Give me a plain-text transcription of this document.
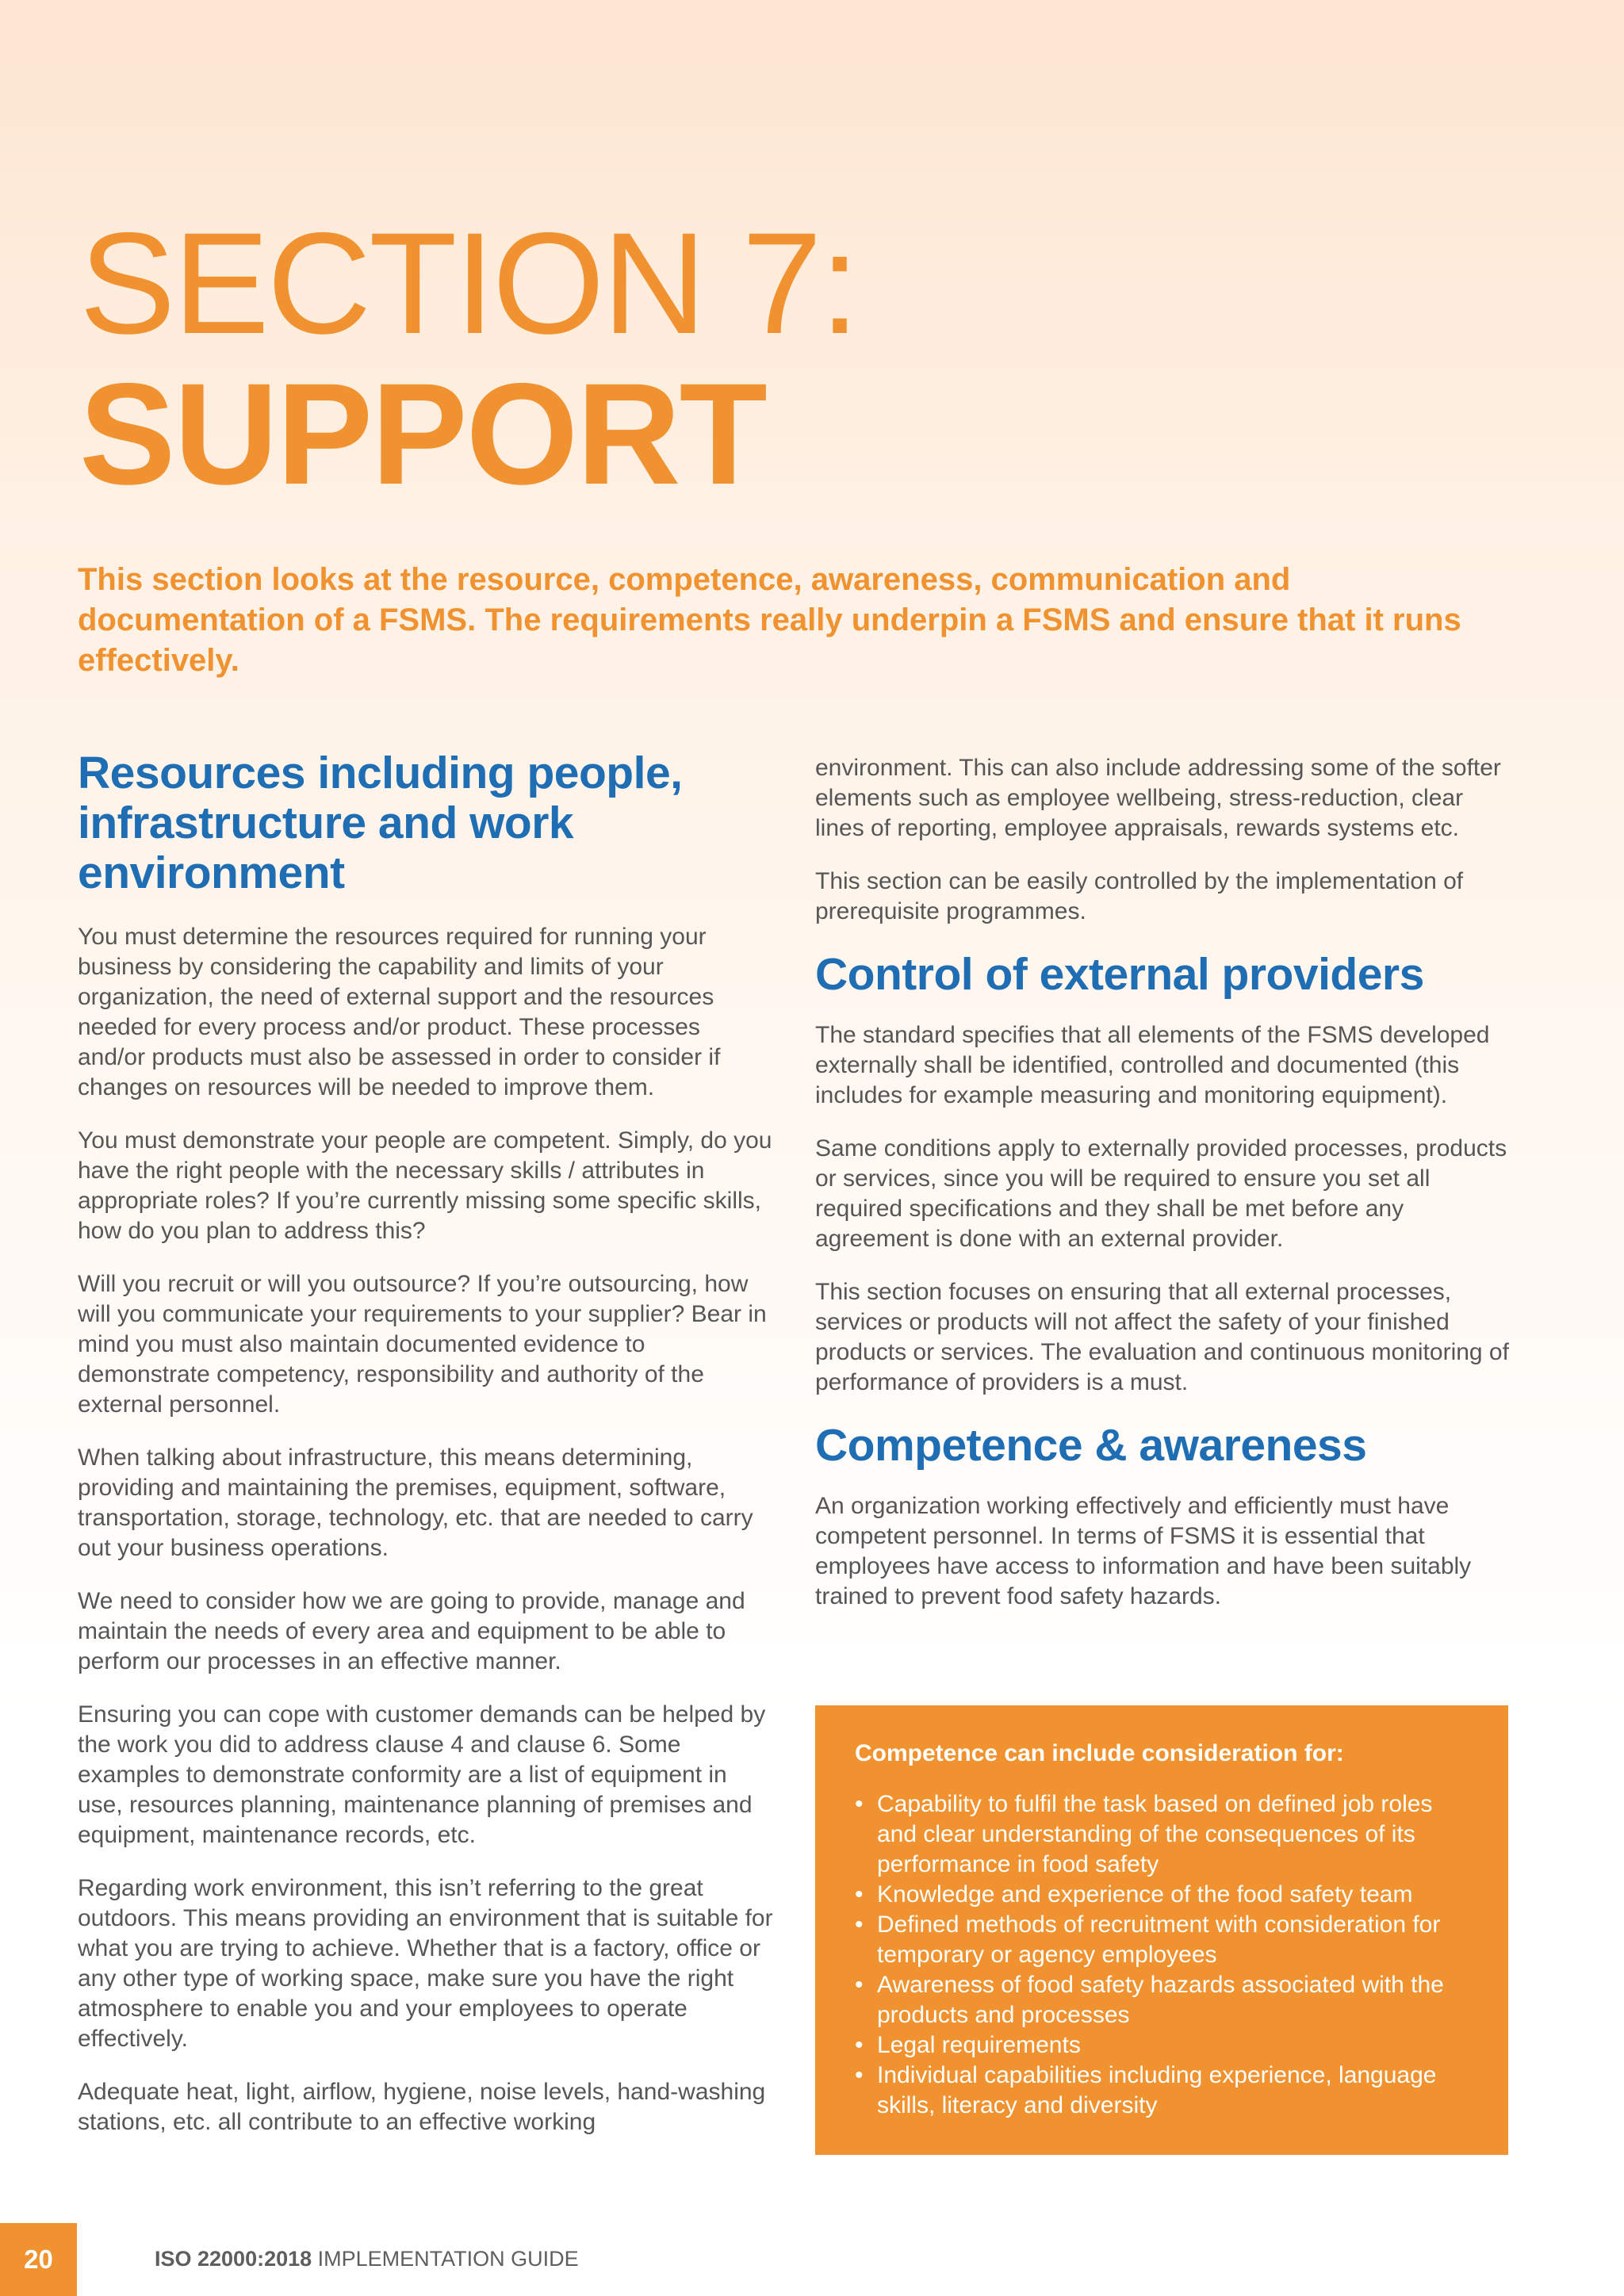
SECTION 7:
SUPPORT
This section looks at the resource, competence, awareness, communication and documentation of a FSMS. The requirements really underpin a FSMS and ensure that it runs effectively.
Resources including people, infrastructure and work environment

You must determine the resources required for running your business by considering the capability and limits of your organization, the need of external support and the resources needed for every process and/or product. These processes and/or products must also be assessed in order to consider if changes on resources will be needed to improve them.

You must demonstrate your people are competent. Simply, do you have the right people with the necessary skills / attributes in appropriate roles? If you’re currently missing some specific skills, how do you plan to address this?

Will you recruit or will you outsource? If you’re outsourcing, how will you communicate your requirements to your supplier? Bear in mind you must also maintain documented evidence to demonstrate competency, responsibility and authority of the external personnel.

When talking about infrastructure, this means determining, providing and maintaining the premises, equipment, software, transportation, storage, technology, etc. that are needed to carry out your business operations.

We need to consider how we are going to provide, manage and maintain the needs of every area and equipment to be able to perform our processes in an effective manner.

Ensuring you can cope with customer demands can be helped by the work you did to address clause 4 and clause 6. Some examples to demonstrate conformity are a list of equipment in use, resources planning, maintenance planning of premises and equipment, maintenance records, etc.

Regarding work environment, this isn’t referring to the great outdoors. This means providing an environment that is suitable for what you are trying to achieve. Whether that is a factory, office or any other type of working space, make sure you have the right atmosphere to enable you and your employees to operate effectively.

Adequate heat, light, airflow, hygiene, noise levels, hand-washing stations, etc. all contribute to an effective working

environment. This can also include addressing some of the softer elements such as employee wellbeing, stress-reduction, clear lines of reporting, employee appraisals, rewards systems etc.

This section can be easily controlled by the implementation of prerequisite programmes.

Control of external providers

The standard specifies that all elements of the FSMS developed externally shall be identified, controlled and documented (this includes for example measuring and monitoring equipment).

Same conditions apply to externally provided processes, products or services, since you will be required to ensure you set all required specifications and they shall be met before any agreement is done with an external provider.

This section focuses on ensuring that all external processes, services or products will not affect the safety of your finished products or services. The evaluation and continuous monitoring of performance of providers is a must.

Competence & awareness

An organization working effectively and efficiently must have competent personnel. In terms of FSMS it is essential that employees have access to information and have been suitably trained to prevent food safety hazards.

Competence can include consideration for:
• Capability to fulfil the task based on defined job roles and clear understanding of the consequences of its performance in food safety
• Knowledge and experience of the food safety team
• Defined methods of recruitment with consideration for temporary or agency employees
• Awareness of food safety hazards associated with the products and processes
• Legal requirements
• Individual capabilities including experience, language skills, literacy and diversity
20	ISO 22000:2018 IMPLEMENTATION GUIDE
